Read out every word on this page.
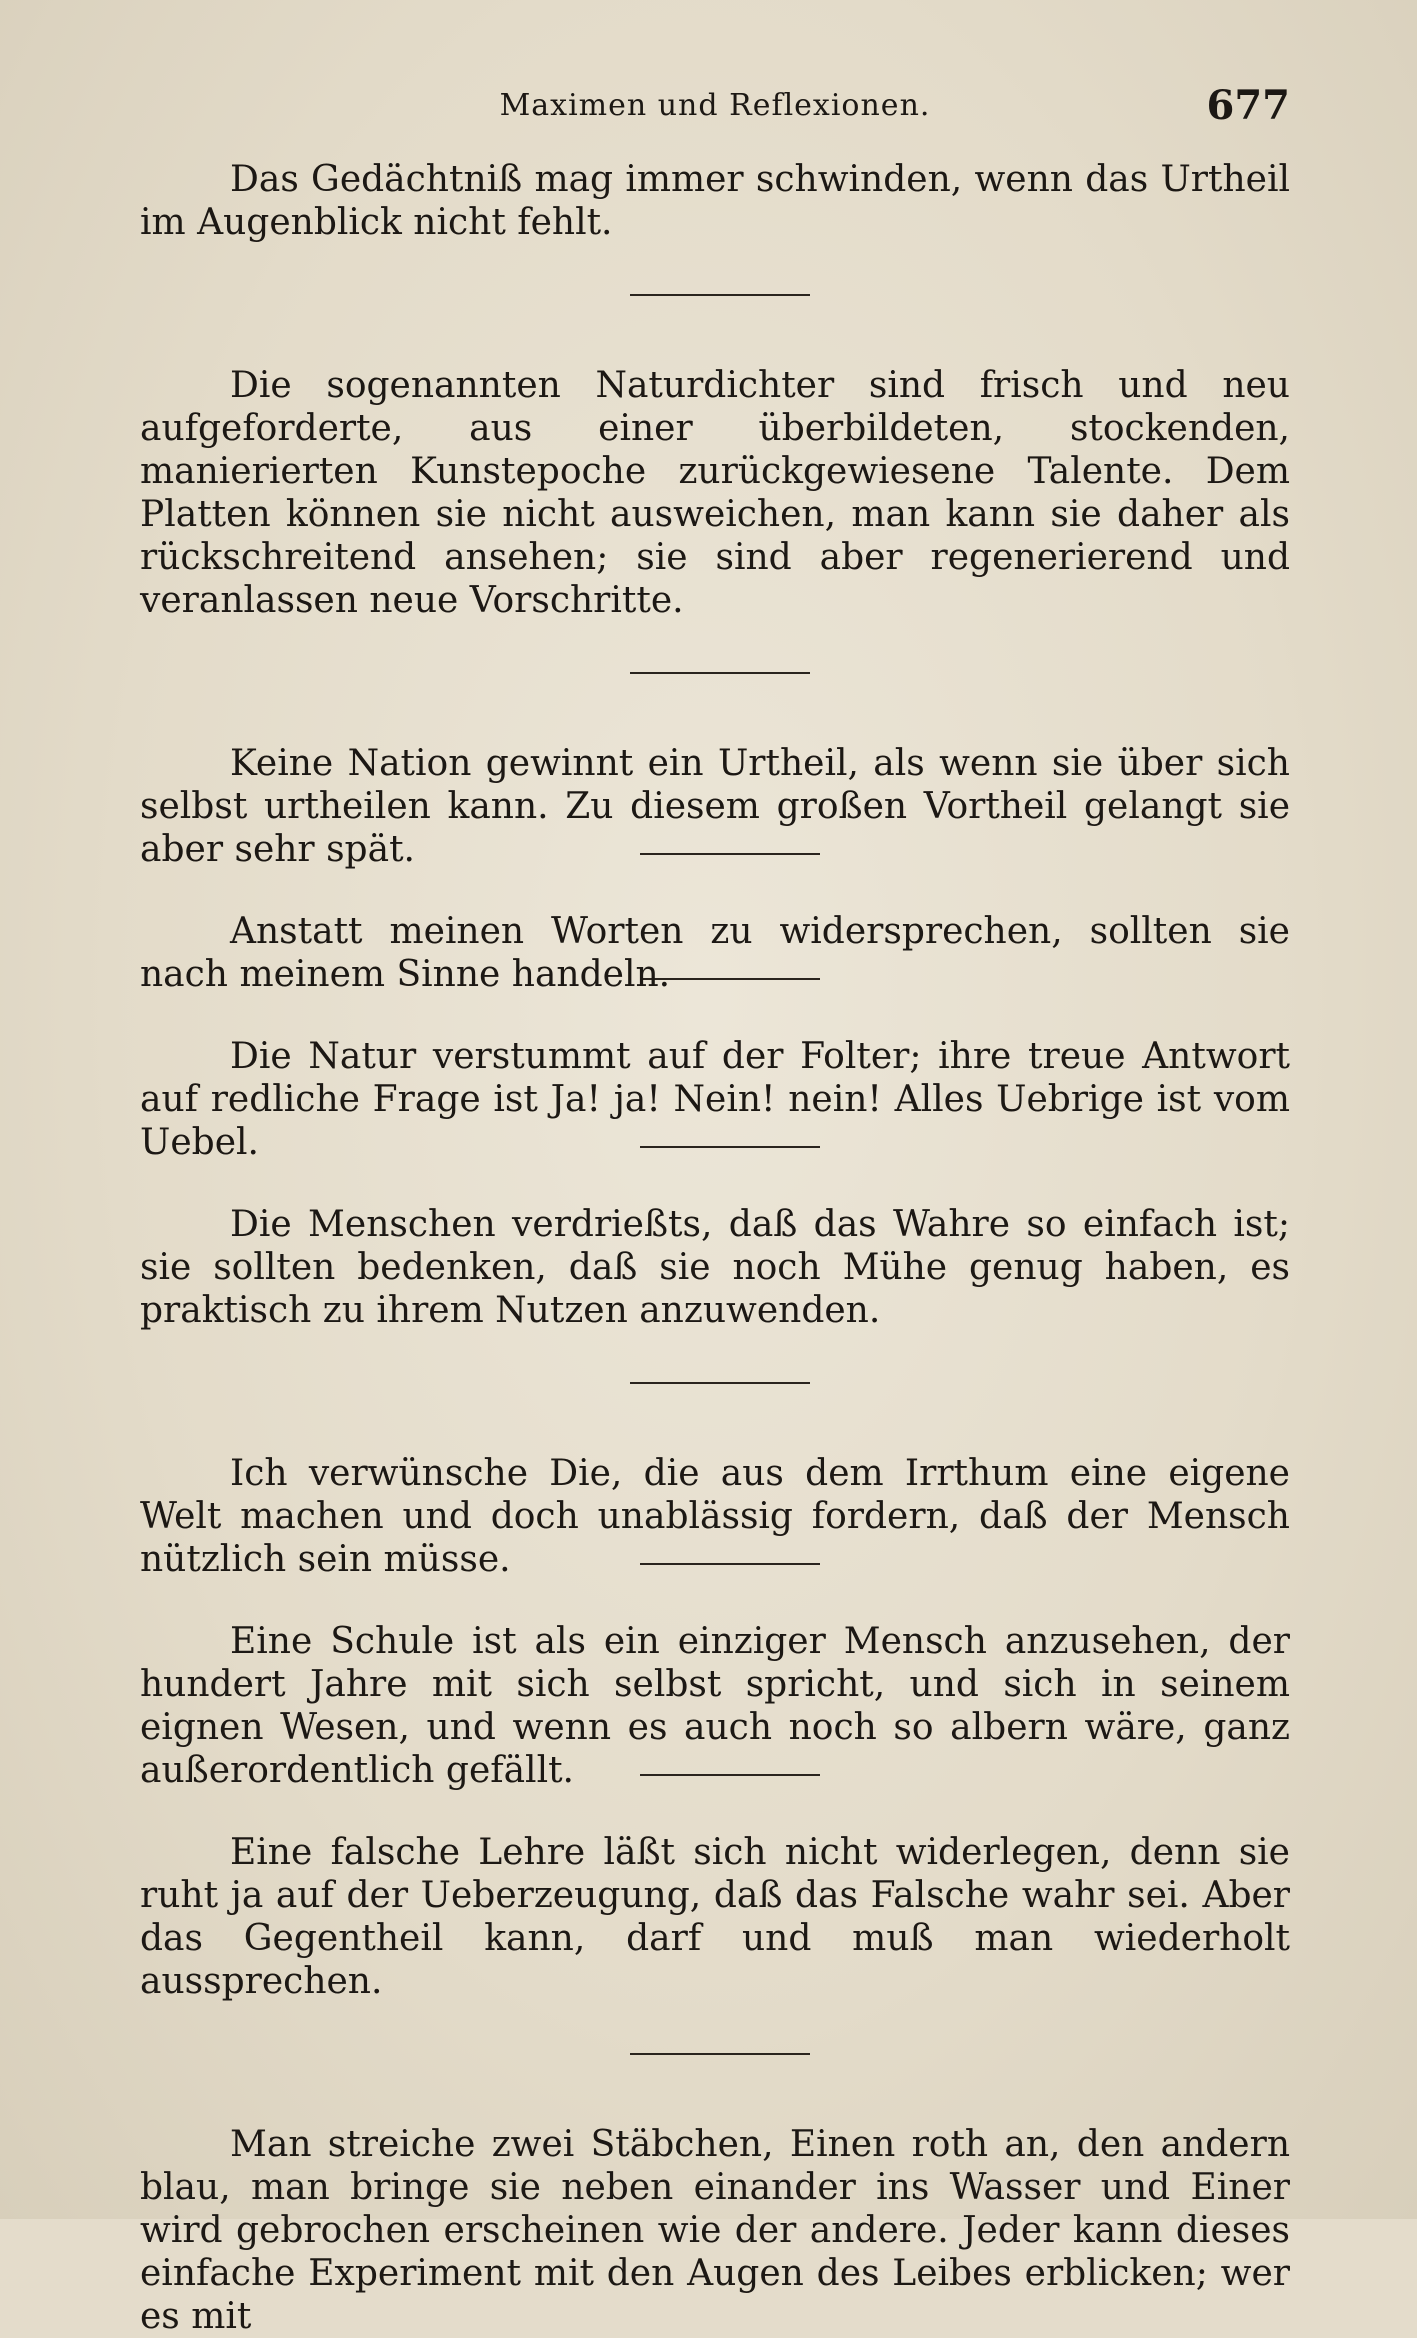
Maximen und Reflexionen.	677

Das Gedächtniß mag immer schwinden, wenn das Urtheil im Augenblick nicht fehlt.

Die sogenannten Naturdichter sind frisch und neu aufgeforderte, aus einer überbildeten, stockenden, manierierten Kunstepoche zurückgewiesene Talente. Dem Platten können sie nicht ausweichen, man kann sie daher als rückschreitend ansehen; sie sind aber regenerierend und veranlassen neue Vorschritte.

Keine Nation gewinnt ein Urtheil, als wenn sie über sich selbst urtheilen kann. Zu diesem großen Vortheil gelangt sie aber sehr spät.

Anstatt meinen Worten zu widersprechen, sollten sie nach meinem Sinne handeln.

Die Natur verstummt auf der Folter; ihre treue Antwort auf redliche Frage ist Ja! ja! Nein! nein! Alles Uebrige ist vom Uebel.

Die Menschen verdrießts, daß das Wahre so einfach ist; sie sollten bedenken, daß sie noch Mühe genug haben, es praktisch zu ihrem Nutzen anzuwenden.

Ich verwünsche Die, die aus dem Irrthum eine eigene Welt machen und doch unablässig fordern, daß der Mensch nützlich sein müsse.

Eine Schule ist als ein einziger Mensch anzusehen, der hundert Jahre mit sich selbst spricht, und sich in seinem eignen Wesen, und wenn es auch noch so albern wäre, ganz außerordentlich gefällt.

Eine falsche Lehre läßt sich nicht widerlegen, denn sie ruht ja auf der Ueberzeugung, daß das Falsche wahr sei. Aber das Gegentheil kann, darf und muß man wiederholt aussprechen.

Man streiche zwei Stäbchen, Einen roth an, den andern blau, man bringe sie neben einander ins Wasser und Einer wird gebrochen erscheinen wie der andere. Jeder kann dieses einfache Experiment mit den Augen des Leibes erblicken; wer es mit
